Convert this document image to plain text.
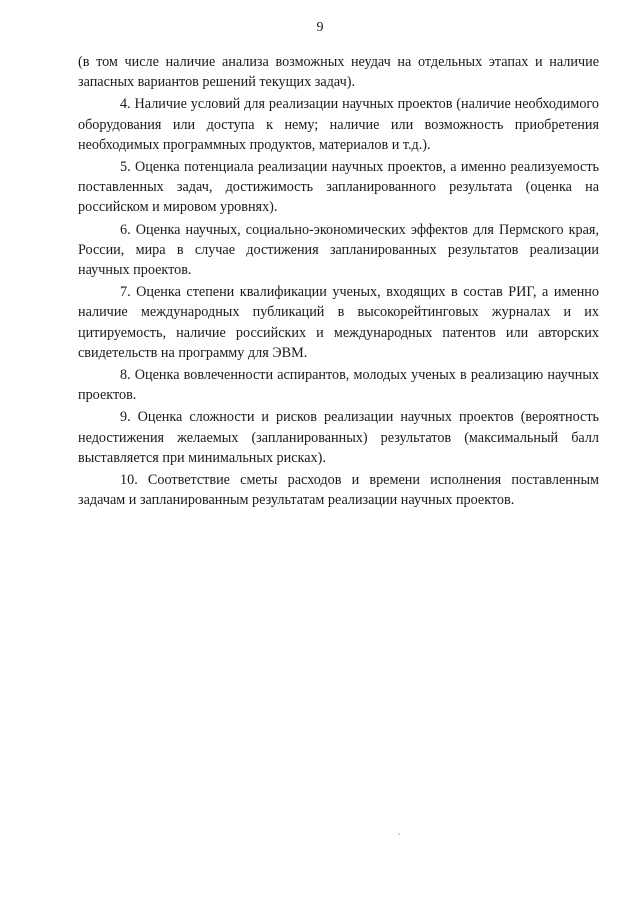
9

(в том числе наличие анализа возможных неудач на отдельных этапах и наличие запасных вариантов решений текущих задач).

4. Наличие условий для реализации научных проектов (наличие необходимого оборудования или доступа к нему; наличие или возможность приобретения необходимых программных продуктов, материалов и т.д.).

5. Оценка потенциала реализации научных проектов, а именно реализуемость поставленных задач, достижимость запланированного результата (оценка на российском и мировом уровнях).

6. Оценка научных, социально-экономических эффектов для Пермского края, России, мира в случае достижения запланированных результатов реализации научных проектов.

7. Оценка степени квалификации ученых, входящих в состав РИГ, а именно наличие международных публикаций в высокорейтинговых журналах и их цитируемость, наличие российских и международных патентов или авторских свидетельств на программу для ЭВМ.

8. Оценка вовлеченности аспирантов, молодых ученых в реализацию научных проектов.

9. Оценка сложности и рисков реализации научных проектов (вероятность недостижения желаемых (запланированных) результатов (максимальный балл выставляется при минимальных рисках).

10. Соответствие сметы расходов и времени исполнения поставленным задачам и запланированным результатам реализации научных проектов.
